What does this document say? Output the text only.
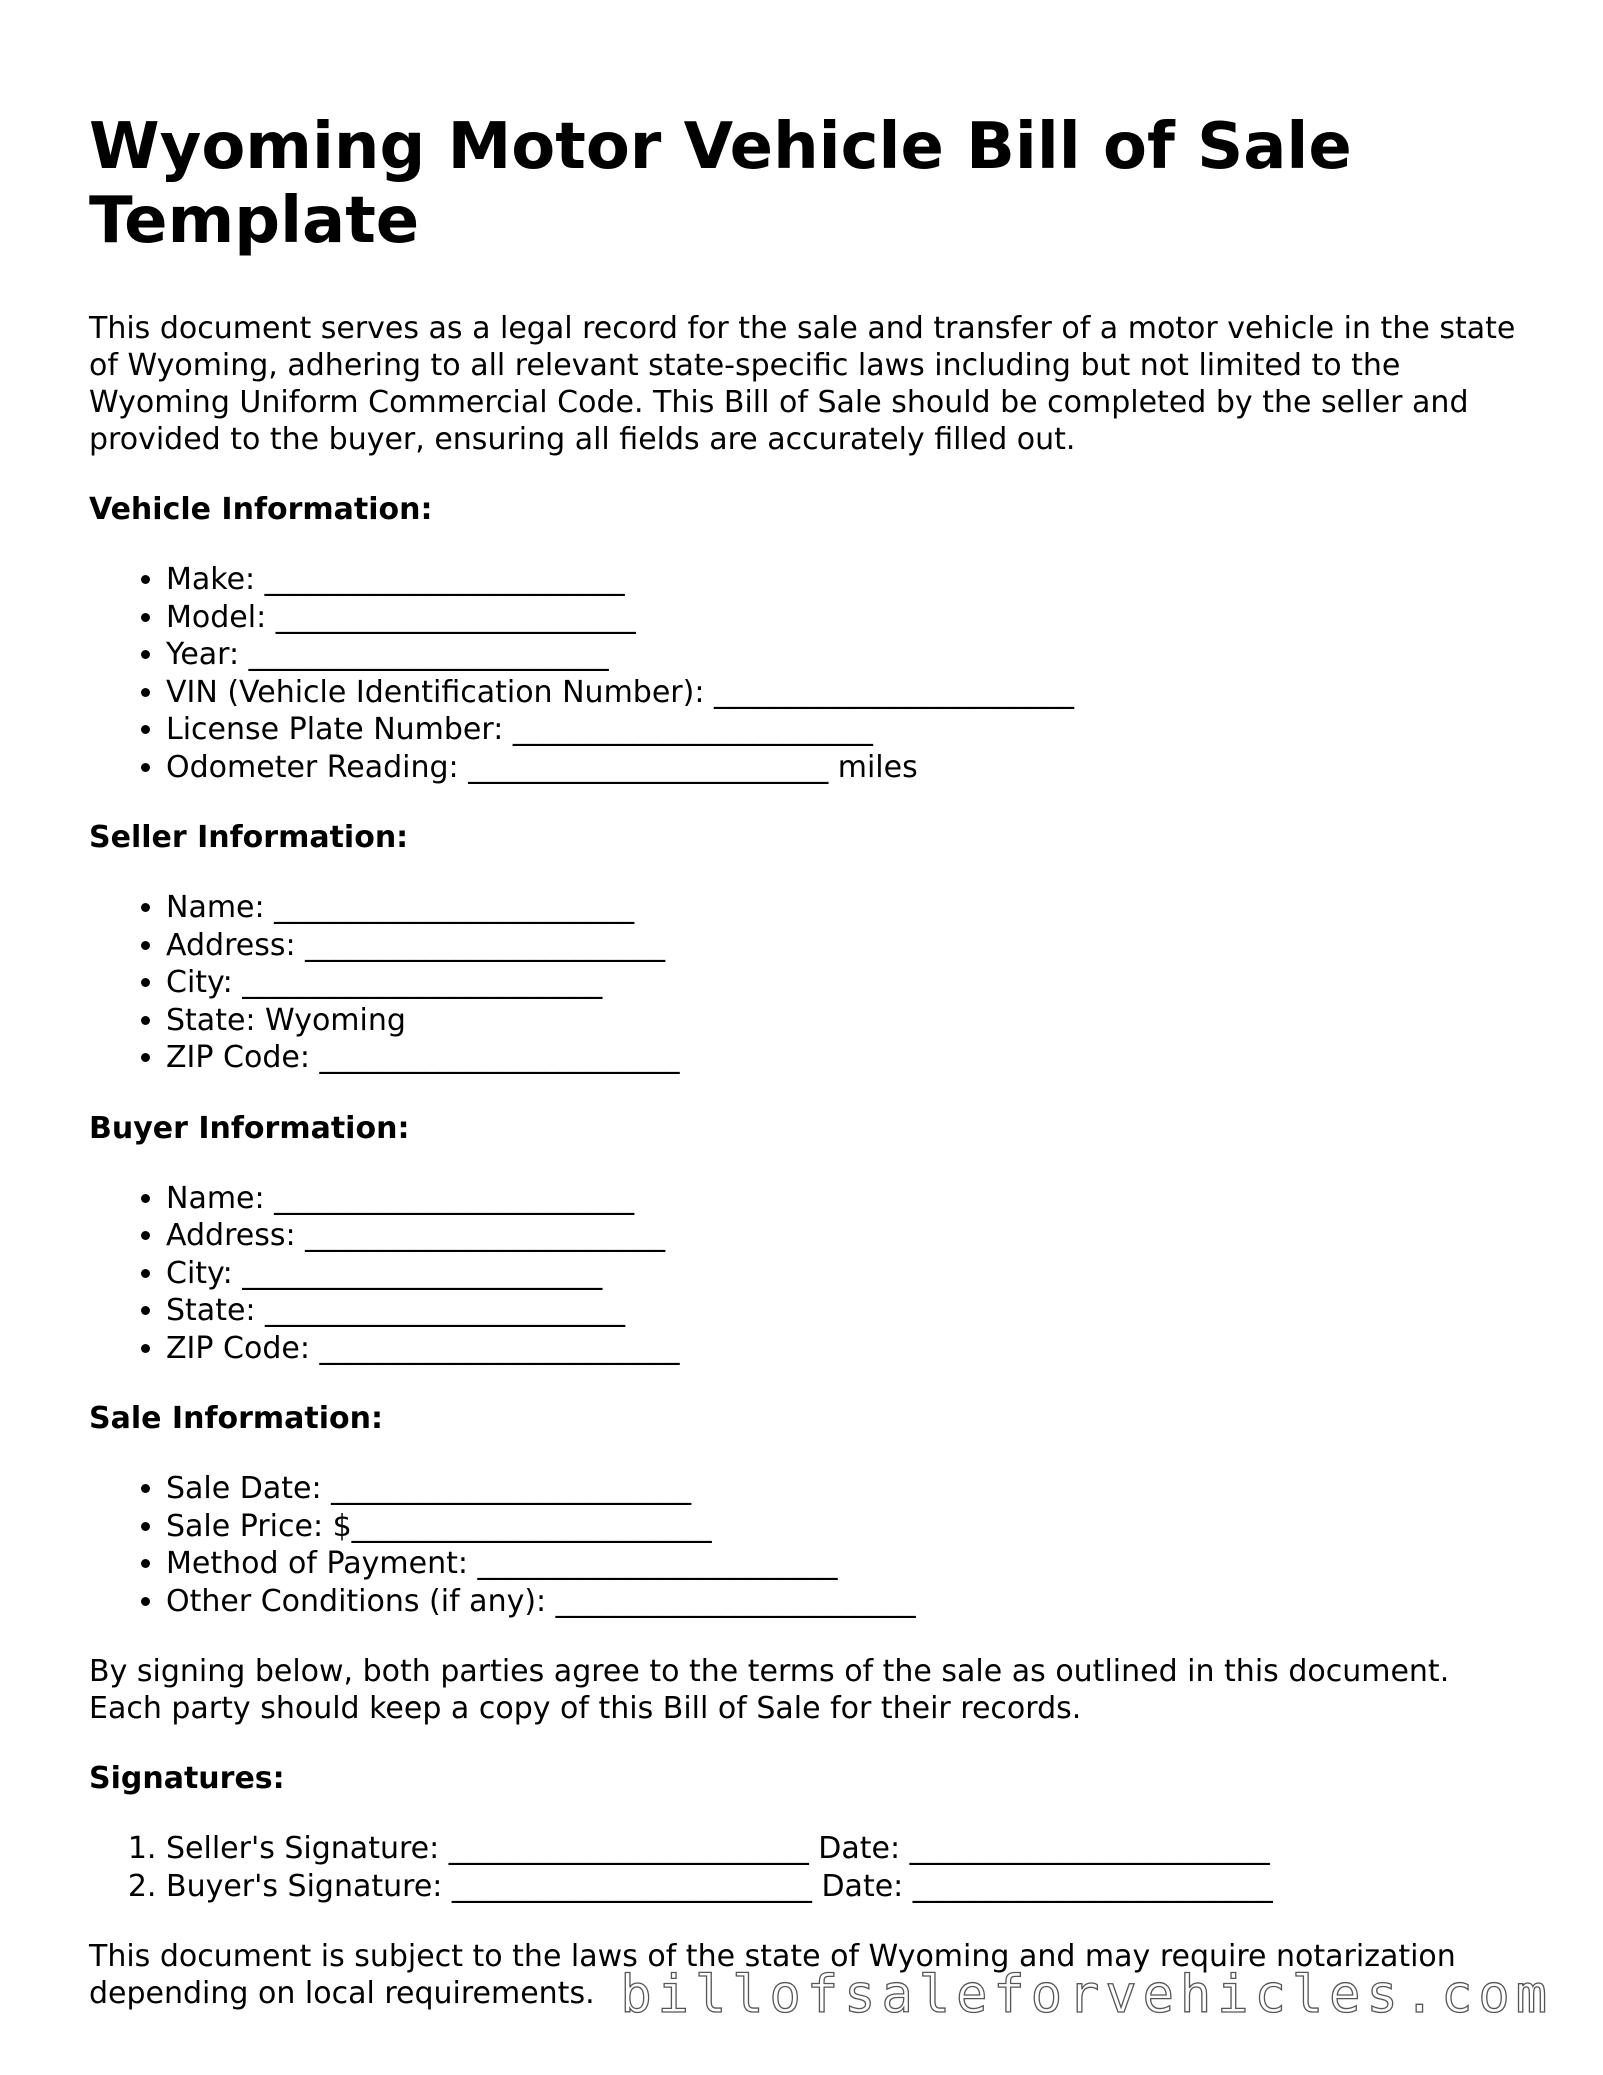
Wyoming Motor Vehicle Bill of Sale Template

This document serves as a legal record for the sale and transfer of a motor vehicle in the state of Wyoming, adhering to all relevant state-specific laws including but not limited to the Wyoming Uniform Commercial Code. This Bill of Sale should be completed by the seller and provided to the buyer, ensuring all fields are accurately filled out.

Vehicle Information:
• Make: ________________________
• Model: ________________________
• Year: ________________________
• VIN (Vehicle Identification Number): ________________________
• License Plate Number: ________________________
• Odometer Reading: ________________________ miles
Seller Information:
• Name: ________________________
• Address: ________________________
• City: ________________________
• State: Wyoming
• ZIP Code: ________________________
Buyer Information:
• Name: ________________________
• Address: ________________________
• City: ________________________
• State: ________________________
• ZIP Code: ________________________
Sale Information:
• Sale Date: ________________________
• Sale Price: $________________________
• Method of Payment: ________________________
• Other Conditions (if any): ________________________

By signing below, both parties agree to the terms of the sale as outlined in this document. Each party should keep a copy of this Bill of Sale for their records.

Signatures:
1. Seller's Signature: ________________________ Date: ________________________
2. Buyer's Signature: ________________________ Date: ________________________

This document is subject to the laws of the state of Wyoming and may require notarization depending on local requirements. billofsaleforvehicles.com
